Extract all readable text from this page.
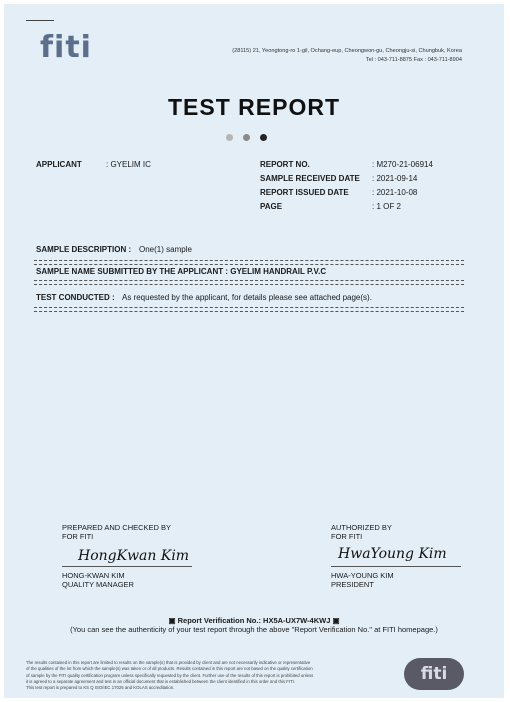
fiti	(28115) 21, Yeongtong-ro 1-gil, Ochang-eup, Cheongwon-gu, Cheongju-si, Chungbuk, Korea
Tel : 043-711-8875 Fax : 043-711-8904
TEST REPORT
APPLICANT	: GYELIM IC	REPORT NO.	: M270-21-06914
SAMPLE RECEIVED DATE : 2021-09-14
REPORT ISSUED DATE	: 2021-10-08
PAGE	: 1 OF 2
SAMPLE DESCRIPTION : One(1) sample
SAMPLE NAME SUBMITTED BY THE APPLICANT : GYELIM HANDRAIL P.V.C
TEST CONDUCTED : As requested by the applicant, for details please see attached page(s).
PREPARED AND CHECKED BY
FOR FITI
HongKwan Kim
HONG-KWAN KIM
QUALITY MANAGER
AUTHORIZED BY
FOR FITI
HwaYoung Kim
HWA-YOUNG KIM
PRESIDENT
▣ Report Verification No.: HX5A-UX7W-4KWJ ▣
(You can see the authenticity of your test report through the above "Report Verification No." at FITI homepage.)
The results contained in this report are limited to results on the sample(s) that is provided by client and are not necessarily indicative or representative
of the qualities of the lot from which the sample(s) was taken or of all products. Results contained in this report are not based on the quality certification
of sample by the FITI quality certification program unless specifically requested by the client. Further use of the results of this report is prohibited unless
it is agreed to a separate agreement and test in an official document that is established between the client identified in this order and this FITI.
This test report is prepared to KS Q ISO/IEC 17025 and KOLAS accreditation.
fiti
